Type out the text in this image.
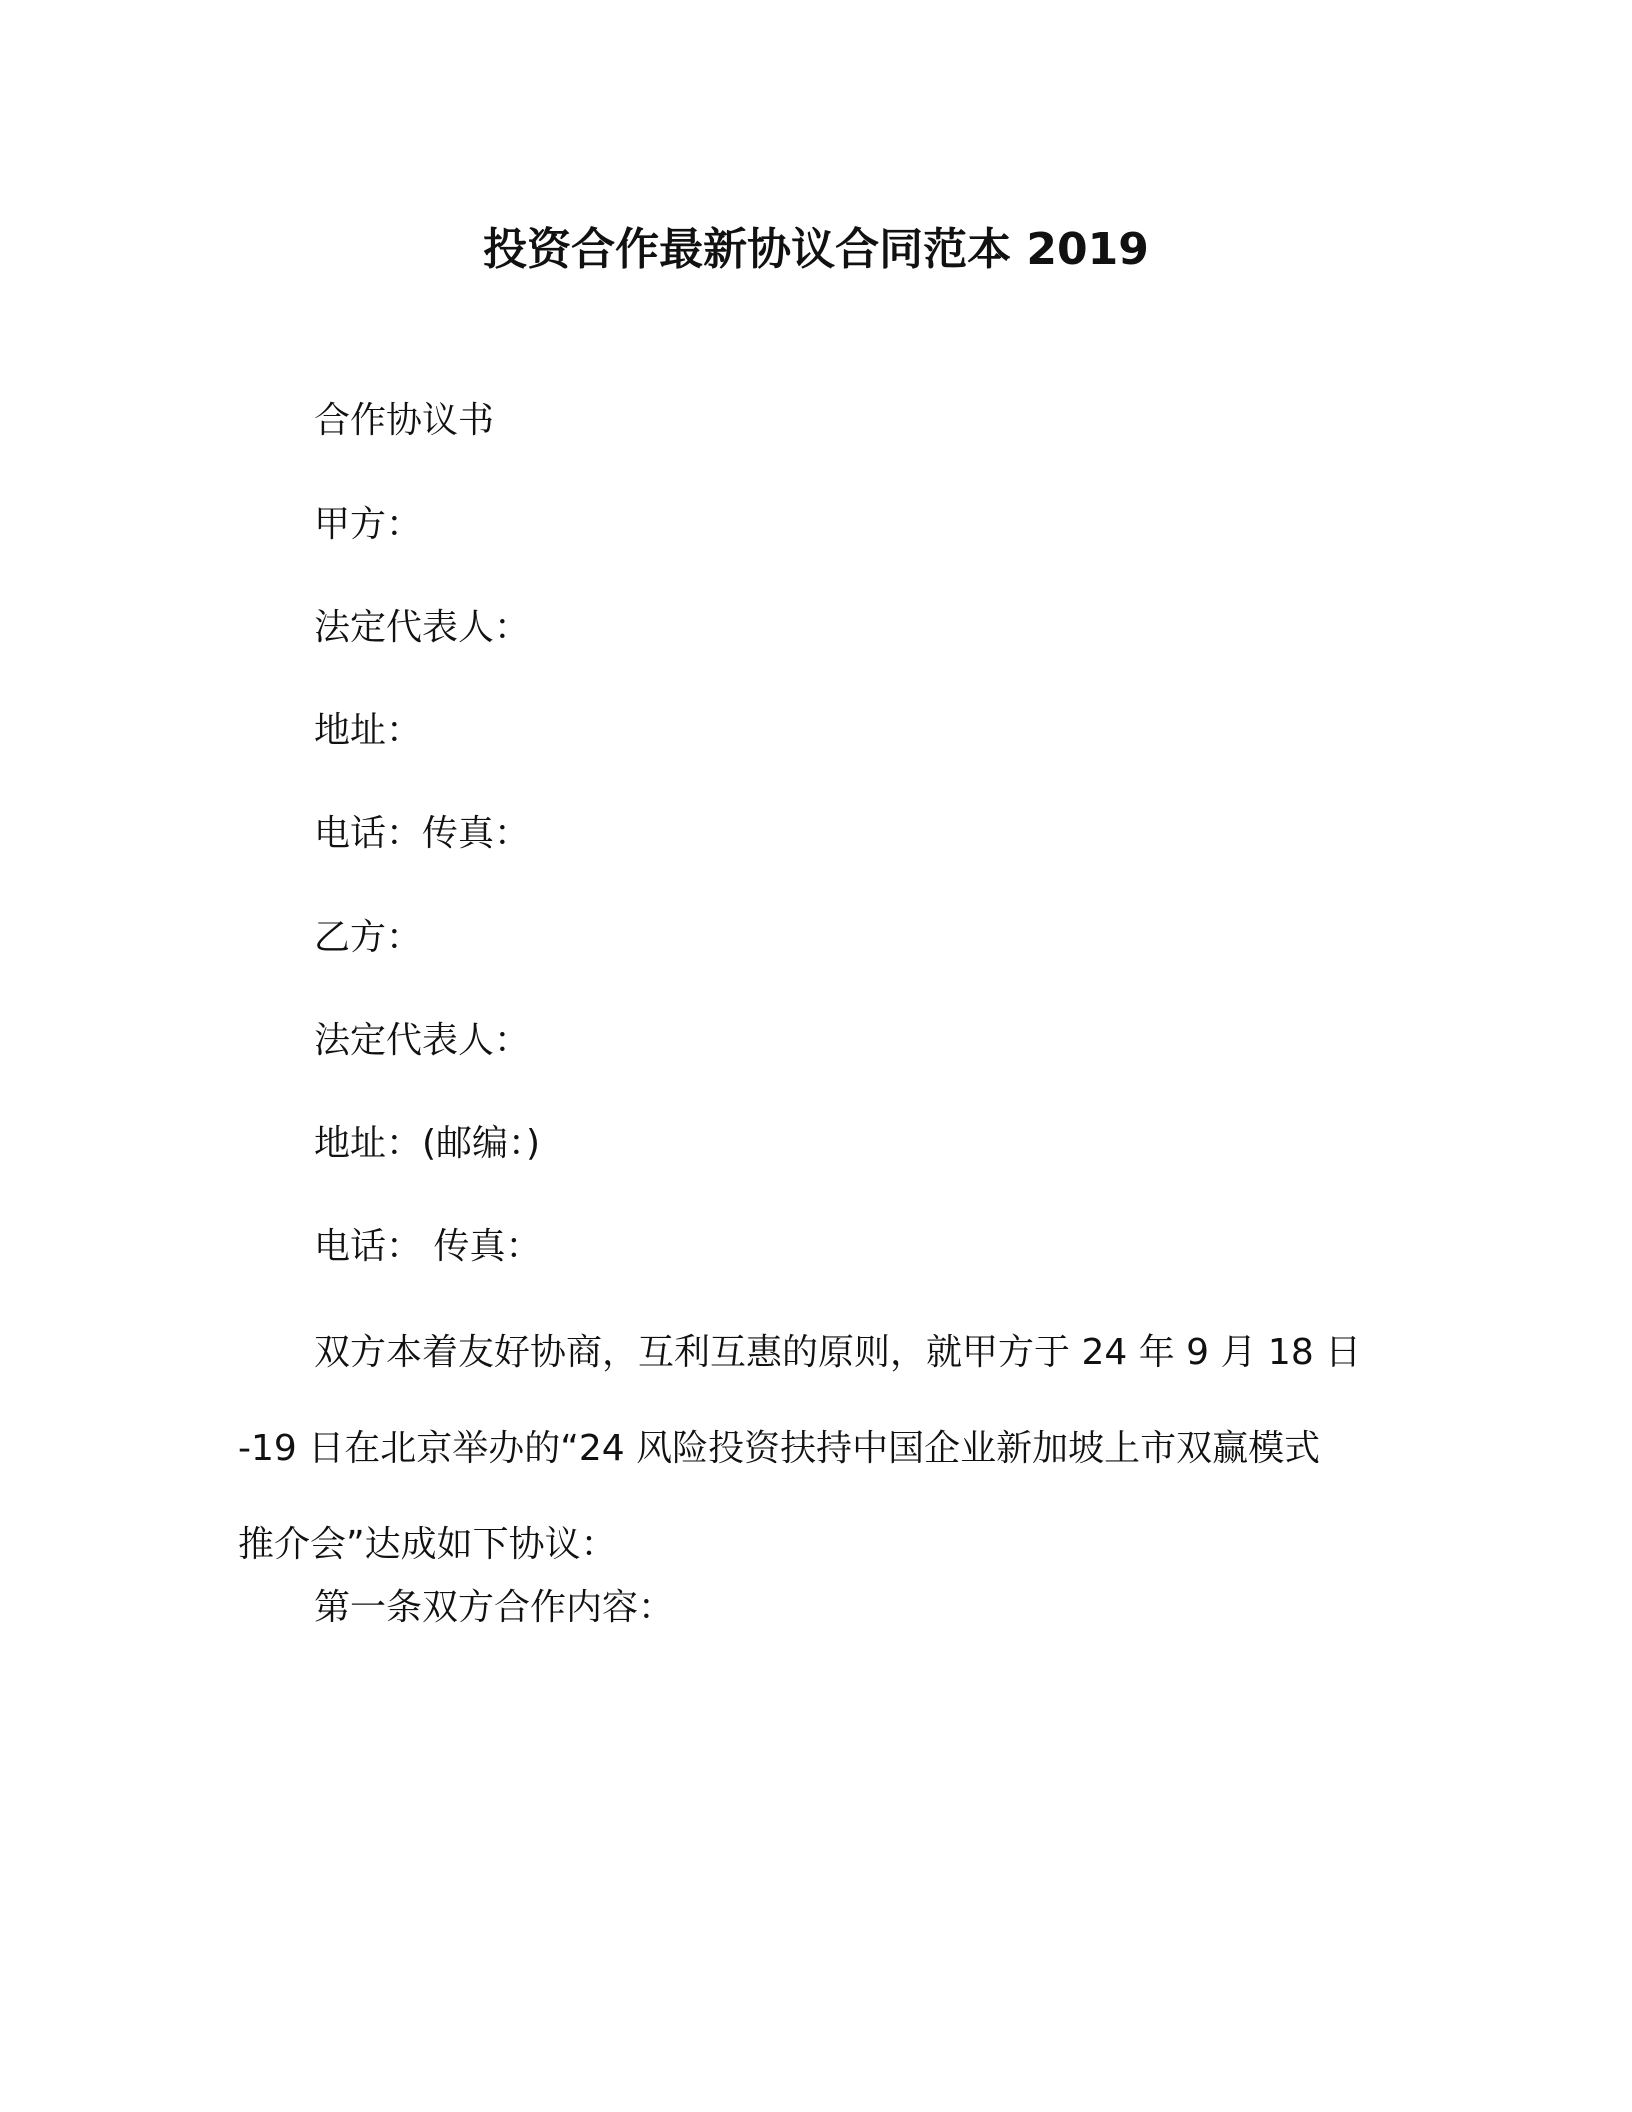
投资合作最新协议合同范本 2019

合作协议书

甲方：

法定代表人：

地址：

电话：传真：

乙方：

法定代表人：

地址：(邮编：)

电话： 传真：

双方本着友好协商，互利互惠的原则，就甲方于 24 年 9 月 18 日
-19 日在北京举办的“24 风险投资扶持中国企业新加坡上市双赢模式
推介会”达成如下协议：

第一条双方合作内容：
